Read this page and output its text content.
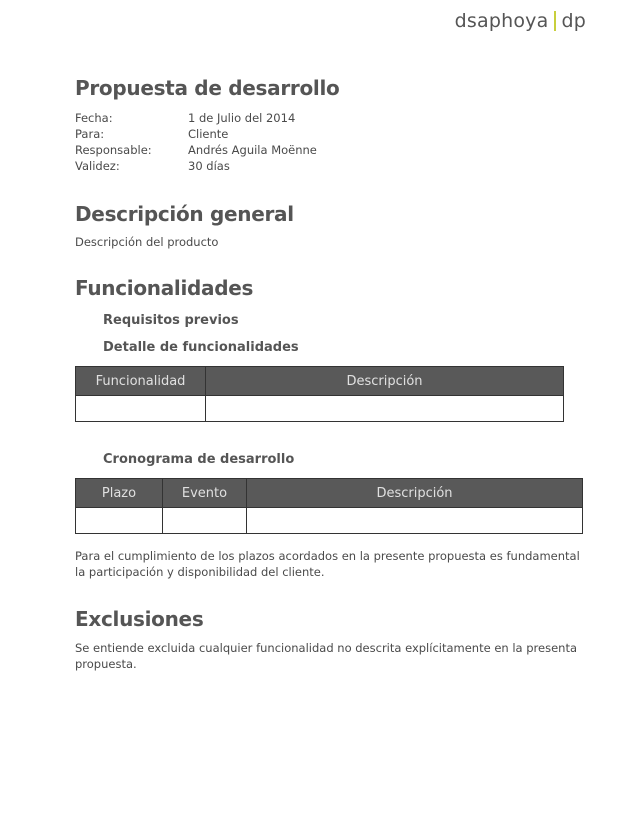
dsaphoya dp
Propuesta de desarrollo
Fecha:	1 de Julio del 2014
Para:	Cliente
Responsable:	Andrés Aguila Moënne
Validez:	30 días
Descripción general

Descripción del producto

Funcionalidades
Requisitos previos
Detalle de funcionalidades
Funcionalidad	Descripción

Cronograma de desarrollo
Plazo	Evento	Descripción

Para el cumplimiento de los plazos acordados en la presente propuesta es fundamental la participación y disponibilidad del cliente.

Exclusiones

Se entiende excluida cualquier funcionalidad no descrita explícitamente en la presenta propuesta.
